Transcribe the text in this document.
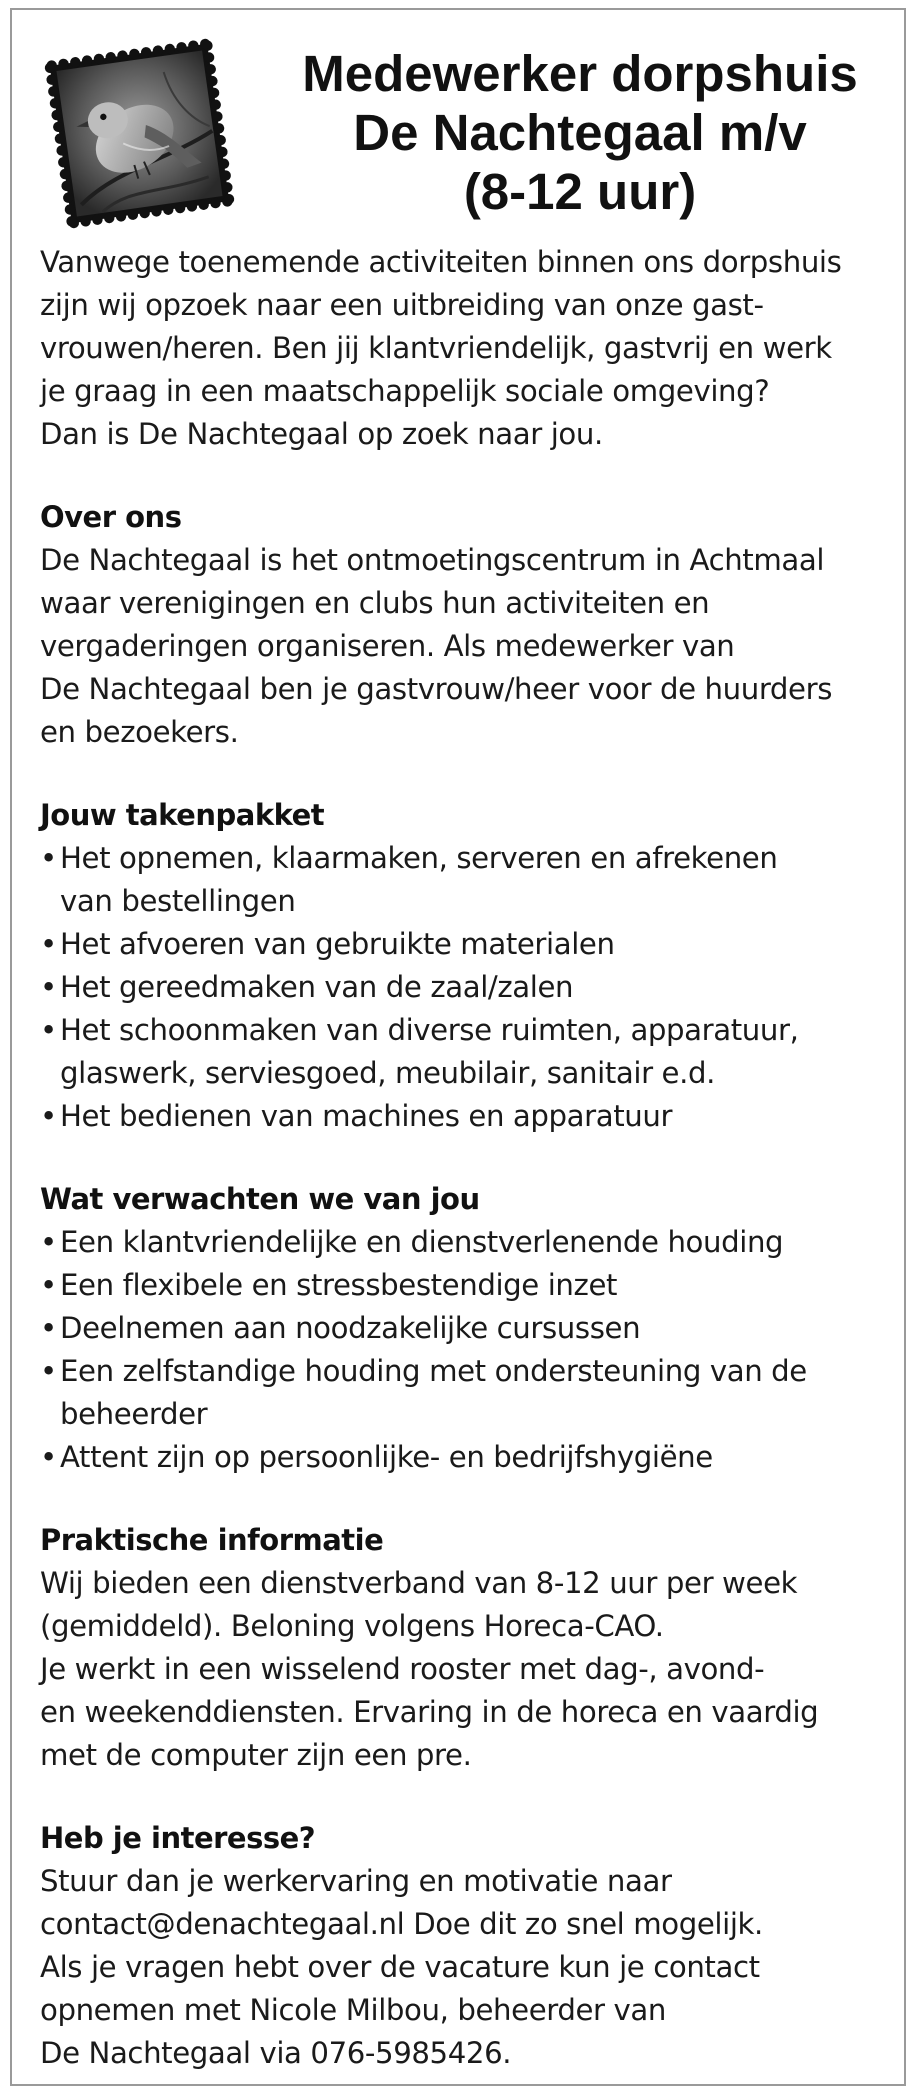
Medewerker dorpshuis
De Nachtegaal m/v
(8-12 uur)

Vanwege toenemende activiteiten binnen ons dorpshuis
zijn wij opzoek naar een uitbreiding van onze gast-
vrouwen/heren. Ben jij klantvriendelijk, gastvrij en werk
je graag in een maatschappelijk sociale omgeving?
Dan is De Nachtegaal op zoek naar jou.

Over ons

De Nachtegaal is het ontmoetingscentrum in Achtmaal
waar verenigingen en clubs hun activiteiten en
vergaderingen organiseren. Als medewerker van
De Nachtegaal ben je gastvrouw/heer voor de huurders
en bezoekers.

Jouw takenpakket
• Het opnemen, klaarmaken, serveren en afrekenen
van bestellingen
• Het afvoeren van gebruikte materialen
• Het gereedmaken van de zaal/zalen
• Het schoonmaken van diverse ruimten, apparatuur,
glaswerk, serviesgoed, meubilair, sanitair e.d.
• Het bedienen van machines en apparatuur
Wat verwachten we van jou
• Een klantvriendelijke en dienstverlenende houding
• Een flexibele en stressbestendige inzet
• Deelnemen aan noodzakelijke cursussen
• Een zelfstandige houding met ondersteuning van de
beheerder
• Attent zijn op persoonlijke- en bedrijfshygiëne
Praktische informatie

Wij bieden een dienstverband van 8-12 uur per week
(gemiddeld). Beloning volgens Horeca-CAO.
Je werkt in een wisselend rooster met dag-, avond-
en weekenddiensten. Ervaring in de horeca en vaardig
met de computer zijn een pre.

Heb je interesse?

Stuur dan je werkervaring en motivatie naar
contact@denachtegaal.nl Doe dit zo snel mogelijk.
Als je vragen hebt over de vacature kun je contact
opnemen met Nicole Milbou, beheerder van
De Nachtegaal via 076-5985426.
